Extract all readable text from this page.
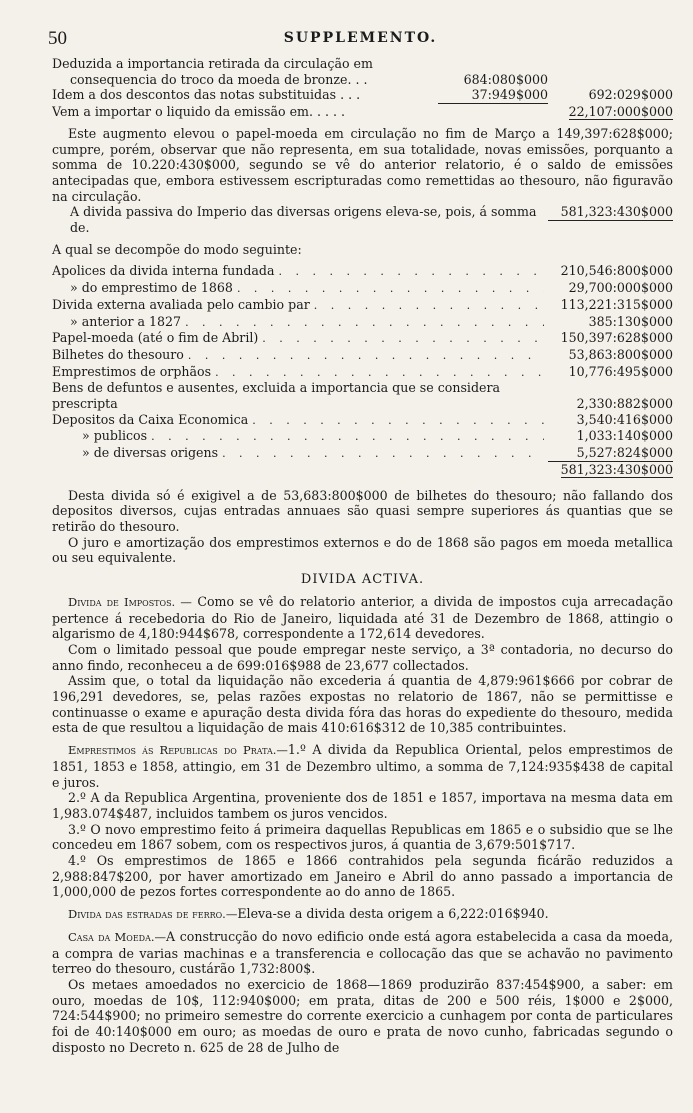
50	SUPPLEMENTO.
Deduzida a importancia retirada da circulação em
consequencia do troco da moeda de bronze. . .	684:080$000
Idem a dos descontos das notas substituidas . . .	37:949$000	692:029$000
Vem a importar o liquido da emissão em. . . . .	22,107:000$000

Este augmento elevou o papel-moeda em circulação no fim de Março a 149,397:628$000; cumpre, porém, observar que não representa, em sua totalidade, novas emissões, porquanto a somma de 10.220:430$000, segundo se vê do anterior relatorio, é o saldo de emissões antecipadas que, embora estivessem escripturadas como remettidas ao thesouro, não figuravão na circulação.

A divida passiva do Imperio das diversas origens eleva-se, pois, á somma de.
581,323:430$000

A qual se decompõe do modo seguinte:

Apolices da divida interna fundada . . .	210,546:800$000
» do emprestimo de 1868 . . .	29,700:000$000
Divida externa avaliada pelo cambio par . . .	113,221:315$000
» anterior a 1827 . . .	385:130$000
Papel-moeda (até o fim de Abril) . . .	150,397:628$000
Bilhetes do thesouro . . .	53,863:800$000
Emprestimos de orphãos . . .	10,776:495$000
Bens de defuntos e ausentes, excluida a importancia que se considera prescripta	2,330:882$000
Depositos da Caixa Economica . . .	3,540:416$000
» publicos . . .	1,033:140$000
» de diversas origens . . .	5,527:824$000
581,323:430$000

Desta divida só é exigivel a de 53,683:800$000 de bilhetes do thesouro; não fallando dos depositos diversos, cujas entradas annuaes são quasi sempre superiores ás quantias que se retirão do thesouro.

O juro e amortização dos emprestimos externos e do de 1868 são pagos em moeda metallica ou seu equivalente.

DIVIDA ACTIVA.

Divida de Impostos. — Como se vê do relatorio anterior, a divida de impostos cuja arrecadação pertence á recebedoria do Rio de Janeiro, liquidada até 31 de Dezembro de 1868, attingio o algarismo de 4,180:944$678, correspondente a 172,614 devedores.

Com o limitado pessoal que poude empregar neste serviço, a 3ª contadoria, no decurso do anno findo, reconheceu a de 699:016$988 de 23,677 collectados.

Assim que, o total da liquidação não excederia á quantia de 4,879:961$666 por cobrar de 196,291 devedores, se, pelas razões expostas no relatorio de 1867, não se permittisse e continuasse o exame e apuração desta divida fóra das horas do expediente do thesouro, medida esta de que resultou a liquidação de mais 410:616$312 de 10,385 contribuintes.

Emprestimos ás Republicas do Prata.—1.º A divida da Republica Oriental, pelos emprestimos de 1851, 1853 e 1858, attingio, em 31 de Dezembro ultimo, a somma de 7,124:935$438 de capital e juros.

2.º A da Republica Argentina, proveniente dos de 1851 e 1857, importava na mesma data em 1,983.074$487, incluidos tambem os juros vencidos.

3.º O novo emprestimo feito á primeira daquellas Republicas em 1865 e o subsidio que se lhe concedeu em 1867 sobem, com os respectivos juros, á quantia de 3,679:501$717.

4.º Os emprestimos de 1865 e 1866 contrahidos pela segunda ficárão reduzidos a 2,988:847$200, por haver amortizado em Janeiro e Abril do anno passado a importancia de 1,000,000 de pezos fortes correspondente ao do anno de 1865.

Divida das estradas de ferro.—Eleva-se a divida desta origem a 6,222:016$940.

Casa da Moeda.—A construcção do novo edificio onde está agora estabelecida a casa da moeda, a compra de varias machinas e a transferencia e collocação das que se achavão no pavimento terreo do thesouro, custárão 1,732:800$.

Os metaes amoedados no exercicio de 1868—1869 produzirão 837:454$900, a saber: em ouro, moedas de 10$, 112:940$000; em prata, ditas de 200 e 500 réis, 1$000 e 2$000, 724:544$900; no primeiro semestre do corrente exercicio a cunhagem por conta de particulares foi de 40:140$000 em ouro; as moedas de ouro e prata de novo cunho, fabricadas segundo o disposto no Decreto n. 625 de 28 de Julho de
